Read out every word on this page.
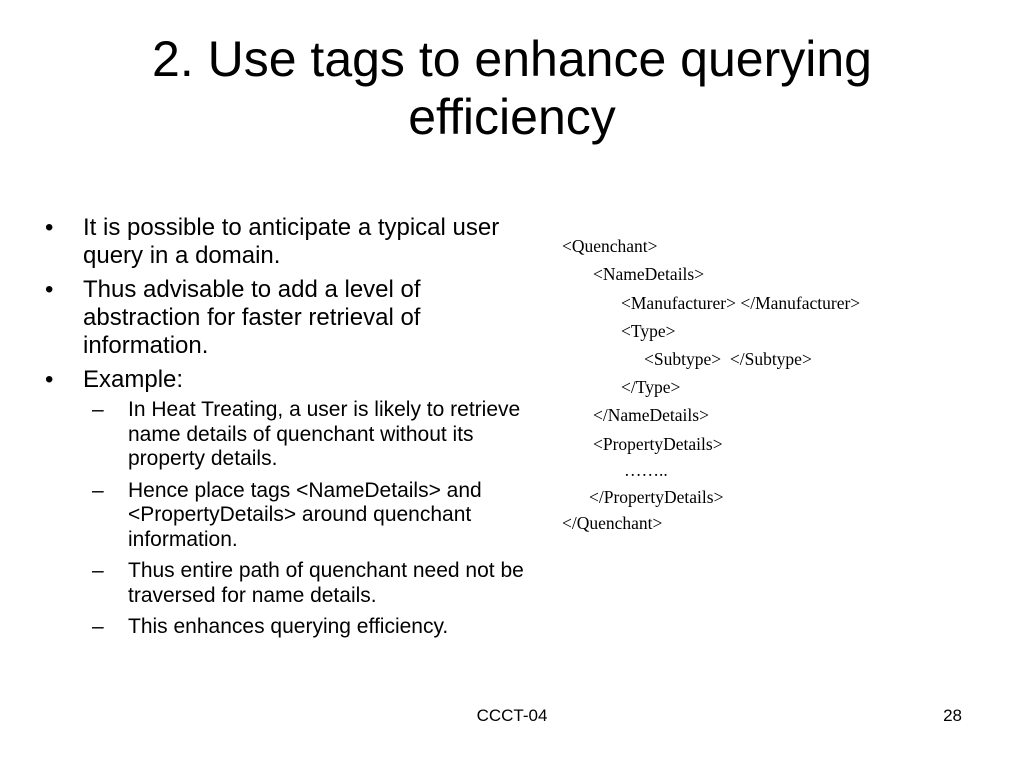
2. Use tags to enhance querying efficiency
• It is possible to anticipate a typical user query in a domain.
• Thus advisable to add a level of abstraction for faster retrieval of information.
• Example:
– In Heat Treating, a user is likely to retrieve name details of quenchant without its property details.
– Hence place tags <NameDetails> and <PropertyDetails> around quenchant information.
– Thus entire path of quenchant need not be traversed for name details.
– This enhances querying efficiency.
<Quenchant>
<NameDetails>
<Manufacturer> </Manufacturer>
<Type>
<Subtype>  </Subtype>
</Type>
</NameDetails>
<PropertyDetails>
……..
</PropertyDetails>
</Quenchant>
CCCT-04	28
